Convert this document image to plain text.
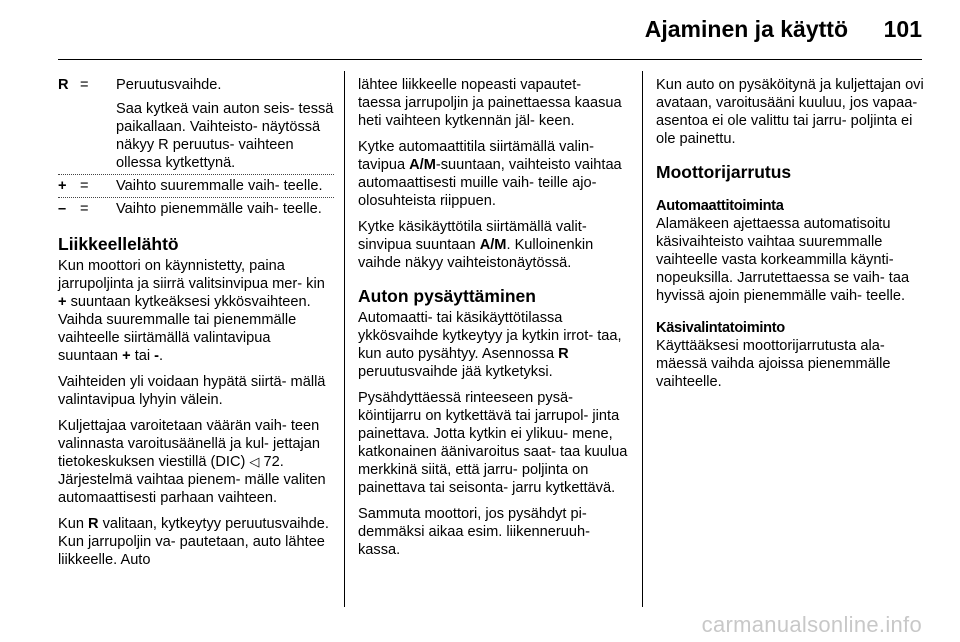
Ajaminen ja käyttö	101
R =	Peruutusvaihde.
Saa kytkeä vain auton seis- tessä paikallaan. Vaihteisto- näytössä näkyy R peruutus- vaihteen ollessa kytkettynä.
+ =	Vaihto suuremmalle vaih- teelle.
– =	Vaihto pienemmälle vaih- teelle.
Liikkeellelähtö

Kun moottori on käynnistetty, paina jarrupoljinta ja siirrä valitsinvipua mer- kin + suuntaan kytkeäksesi ykkösvaihteen. Vaihda suuremmalle tai pienemmälle vaihteelle siirtämällä valintavipua suuntaan + tai -.

Vaihteiden yli voidaan hypätä siirtä- mällä valintavipua lyhyin välein.

Kuljettajaa varoitetaan väärän vaih- teen valinnasta varoitusäänellä ja kul- jettajan tietokeskuksen viestillä (DIC) ◁ 72. Järjestelmä vaihtaa pienem- mälle valiten automaattisesti parhaan vaihteen.

Kun R valitaan, kytkeytyy peruutusvaihde. Kun jarrupoljin va- pautetaan, auto lähtee liikkeelle. Auto

lähtee liikkeelle nopeasti vapautet- taessa jarrupoljin ja painettaessa kaasua heti vaihteen kytkennän jäl- keen.

Kytke automaattitila siirtämällä valin- tavipua A/M-suuntaan, vaihteisto vaihtaa automaattisesti muille vaih- teille ajo-olosuhteista riippuen.

Kytke käsikäyttötila siirtämällä valit- sinvipua suuntaan A/M. Kulloinenkin vaihde näkyy vaihteistonäytössä.

Auton pysäyttäminen

Automaatti- tai käsikäyttötilassa ykkösvaihde kytkeytyy ja kytkin irrot- taa, kun auto pysähtyy. Asennossa R peruutusvaihde jää kytketyksi.

Pysähdyttäessä rinteeseen pysä- köintijarru on kytkettävä tai jarrupol- jinta painettava. Jotta kytkin ei ylikuu- mene, katkonainen äänivaroitus saat- taa kuulua merkkinä siitä, että jarru- poljinta on painettava tai seisonta- jarru kytkettävä.

Sammuta moottori, jos pysähdyt pi- demmäksi aikaa esim. liikenneruuh- kassa.

Kun auto on pysäköitynä ja kuljettajan ovi avataan, varoitusääni kuuluu, jos vapaa-asentoa ei ole valittu tai jarru- poljinta ei ole painettu.

Moottorijarrutus
Automaattitoiminta

Alamäkeen ajettaessa automatisoitu käsivaihteisto vaihtaa suuremmalle vaihteelle vasta korkeammilla käynti- nopeuksilla. Jarrutettaessa se vaih- taa hyvissä ajoin pienemmälle vaih- teelle.

Käsivalintatoiminto

Käyttääksesi moottorijarrutusta ala- mäessä vaihda ajoissa pienemmälle vaihteelle.

carmanualsonline.info
